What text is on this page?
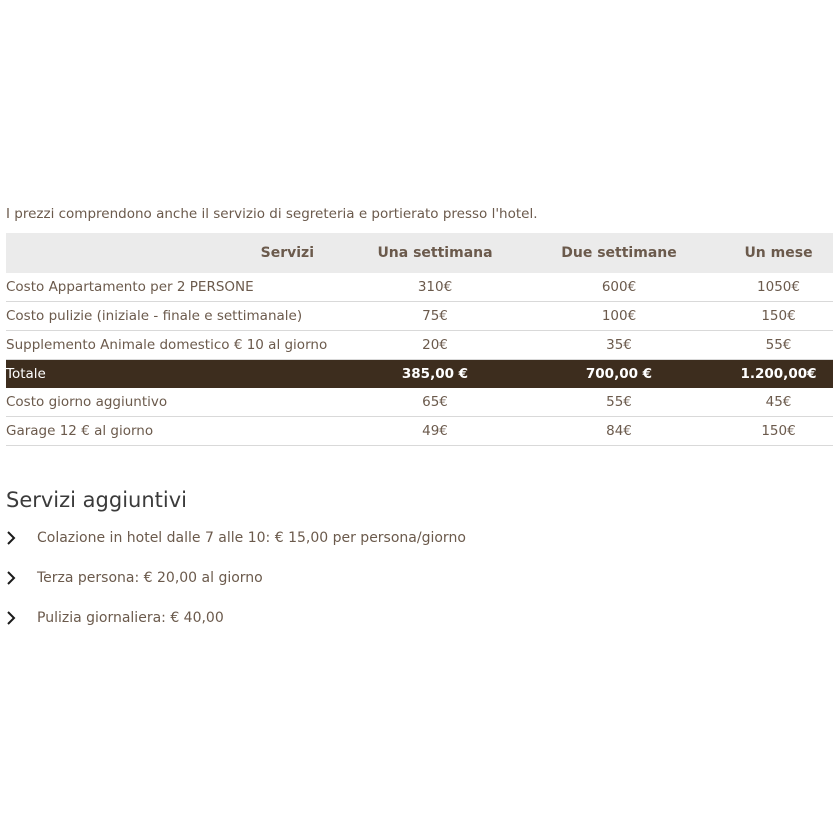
I prezzi comprendono anche il servizio di segreteria e portierato presso l'hotel.

Servizi	Una settimana	Due settimane	Un mese
Costo Appartamento per 2 PERSONE	310€	600€	1050€
Costo pulizie (iniziale - finale e settimanale)	75€	100€	150€
Supplemento Animale domestico € 10 al giorno	20€	35€	55€
Totale	385,00 €	700,00 €	1.200,00€
Costo giorno aggiuntivo	65€	55€	45€
Garage 12 € al giorno	49€	84€	150€
Servizi aggiuntivi
Colazione in hotel dalle 7 alle 10: € 15,00 per persona/giorno
Terza persona: € 20,00 al giorno
Pulizia giornaliera: € 40,00
